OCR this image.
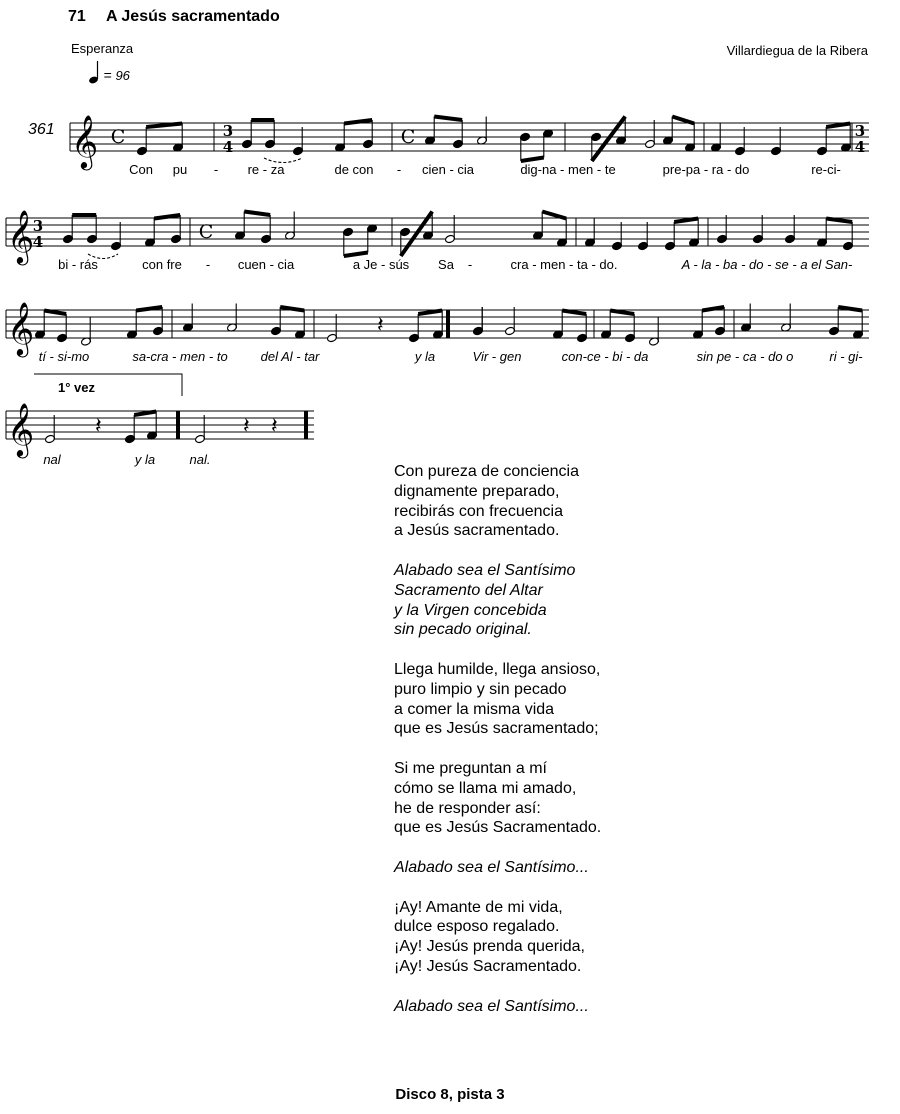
71 A Jesús sacramentado
Esperanza	Villardiegua de la Ribera
= 96
361 𝄞
𝄞
𝄞
𝄞
C	3
4	C	3
4
3
4	C
𝄽
𝄽	𝄽 𝄽
Con pu - re - za	de con - cien - cia	dig-na - men - te	pre-pa - ra - do	re-ci-
bi - rás	con fre - cuen - cia	a Je - sús Sa -	cra - men - ta - do.	A - la - ba - do - se - a el San-
tí - si-mo	sa-cra - men - to	del Al - tar	y la	Vir - gen	con-ce - bi - da	sin pe - ca - do o	ri - gi-
nal	y la	nal.
1° vez
Con pureza de conciencia
dignamente preparado,
recibirás con frecuencia
a Jesús sacramentado.
Alabado sea el Santísimo
Sacramento del Altar
y la Virgen concebida
sin pecado original.
Llega humilde, llega ansioso,
puro limpio y sin pecado
a comer la misma vida
que es Jesús sacramentado;
Si me preguntan a mí
cómo se llama mi amado,
he de responder así:
que es Jesús Sacramentado.
Alabado sea el Santísimo...
¡Ay! Amante de mi vida,
dulce esposo regalado.
¡Ay! Jesús prenda querida,
¡Ay! Jesús Sacramentado.
Alabado sea el Santísimo...
Disco 8, pista 3
